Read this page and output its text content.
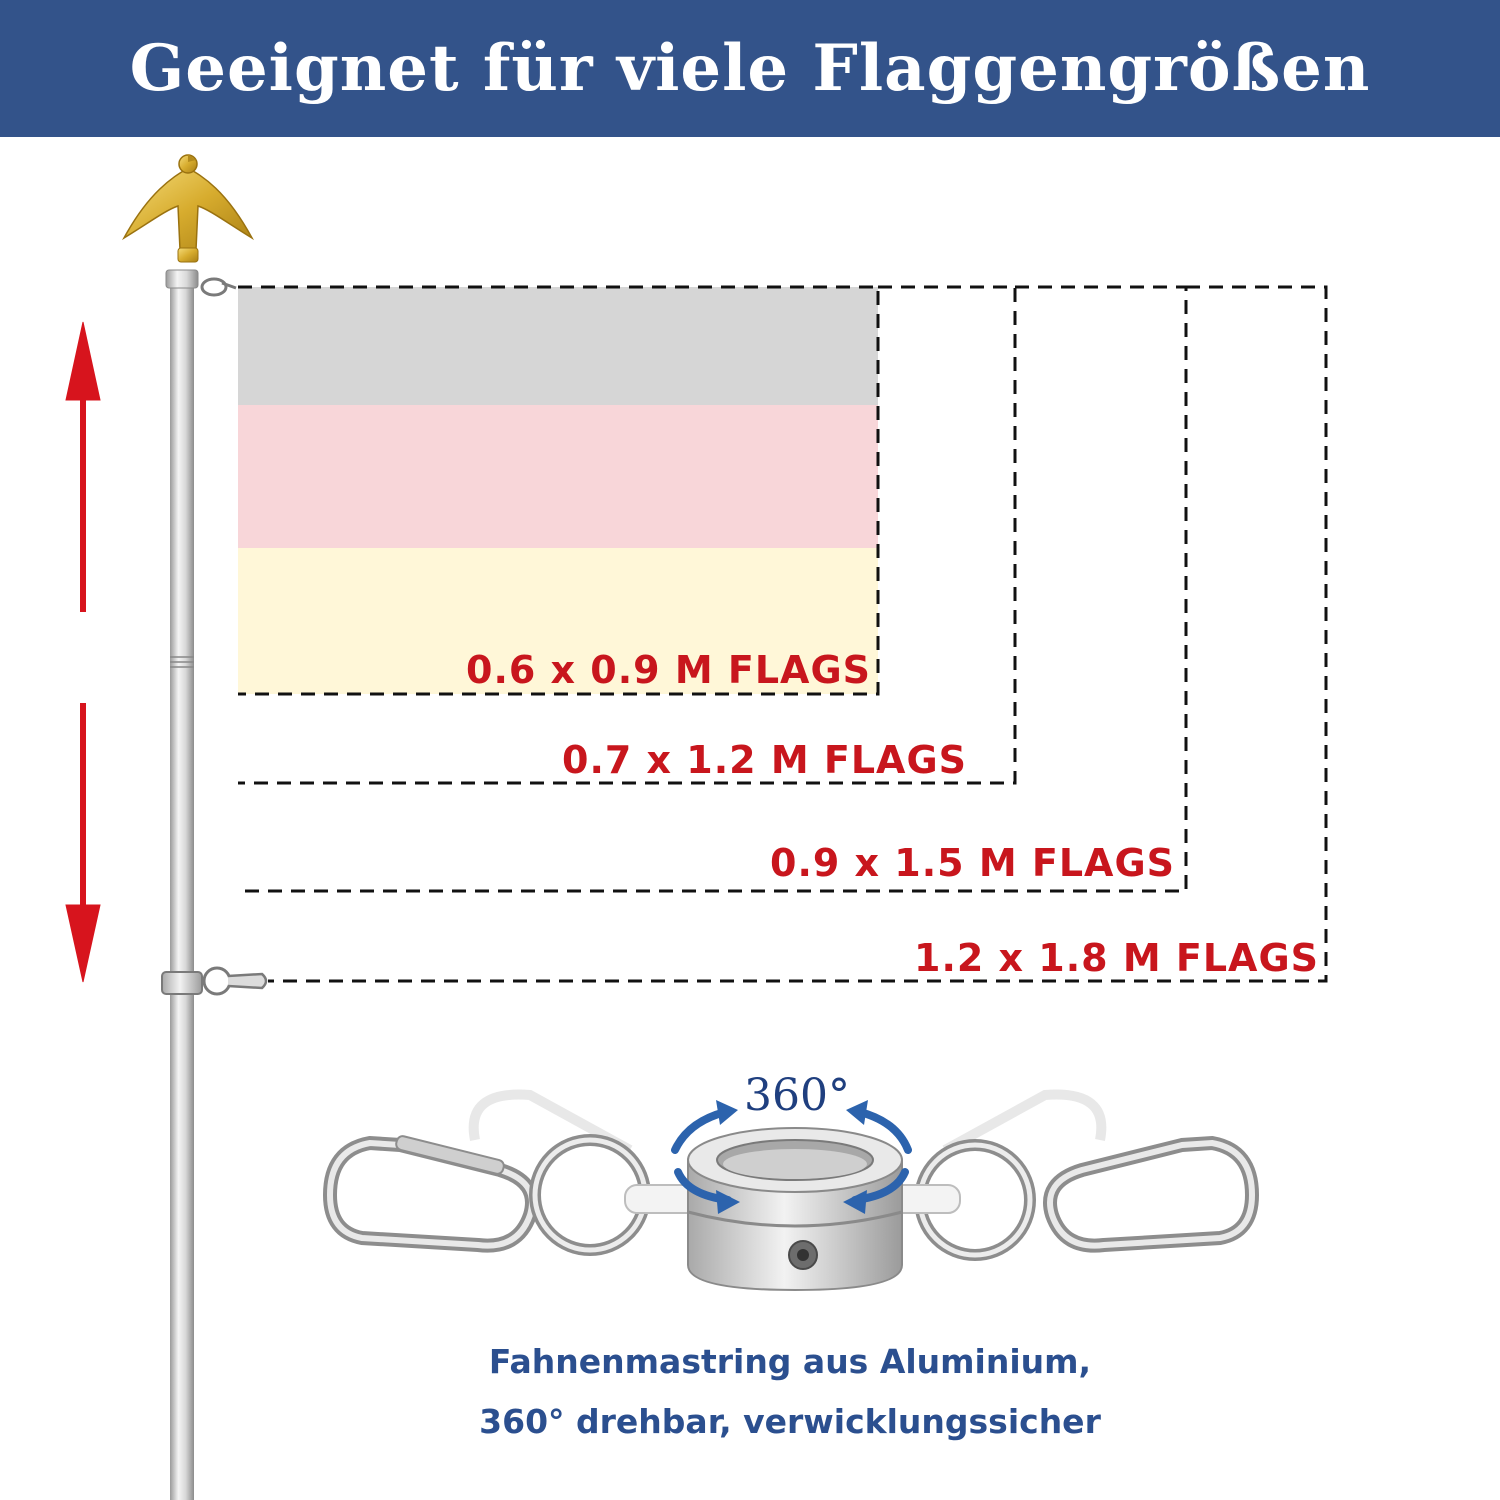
Geeignet für viele Flaggengrößen
0.6 x 0.9 M FLAGS
0.7 x 1.2 M FLAGS
0.9 x 1.5 M FLAGS
1.2 x 1.8 M FLAGS
360°
Fahnenmastring aus Aluminium,
360° drehbar, verwicklungssicher
